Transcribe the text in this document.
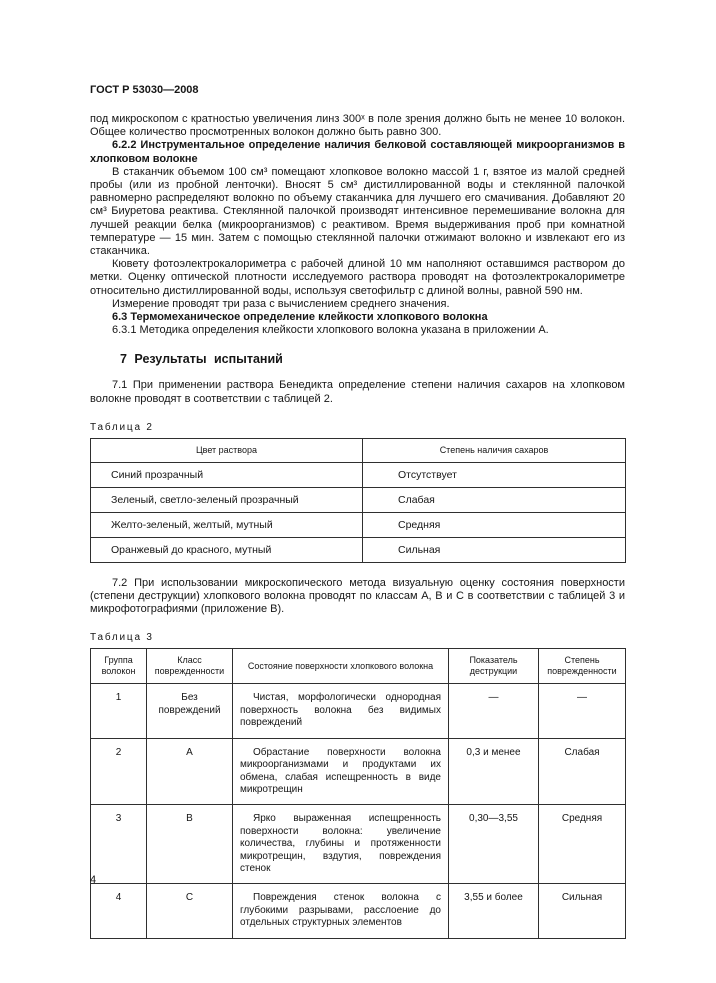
ГОСТ Р 53030—2008

под микроскопом с кратностью увеличения линз 300ˣ в поле зрения должно быть не менее 10 волокон. Общее количество просмотренных волокон должно быть равно 300.

6.2.2 Инструментальное определение наличия белковой составляющей микроорганизмов в хлопковом волокне

В стаканчик объемом 100 см³ помещают хлопковое волокно массой 1 г, взятое из малой средней пробы (или из пробной ленточки). Вносят 5 см³ дистиллированной воды и стеклянной палочкой равномерно распределяют волокно по объему стаканчика для лучшего его смачивания. Добавляют 20 см³ Биуретова реактива. Стеклянной палочкой производят интенсивное перемешивание волокна для лучшей реакции белка (микроорганизмов) с реактивом. Время выдерживания проб при комнатной температуре — 15 мин. Затем с помощью стеклянной палочки отжимают волокно и извлекают его из стаканчика.

Кювету фотоэлектрокалориметра с рабочей длиной 10 мм наполняют оставшимся раствором до метки. Оценку оптической плотности исследуемого раствора проводят на фотоэлектрокалориметре относительно дистиллированной воды, используя светофильтр с длиной волны, равной 590 нм.

Измерение проводят три раза с вычислением среднего значения.

6.3 Термомеханическое определение клейкости хлопкового волокна

6.3.1 Методика определения клейкости хлопкового волокна указана в приложении А.

7 Результаты испытаний

7.1 При применении раствора Бенедикта определение степени наличия сахаров на хлопковом волокне проводят в соответствии с таблицей 2.

Таблица 2
Цвет раствора	Степень наличия сахаров
Синий прозрачный	Отсутствует
Зеленый, светло-зеленый прозрачный	Слабая
Желто-зеленый, желтый, мутный	Средняя
Оранжевый до красного, мутный	Сильная

7.2 При использовании микроскопического метода визуальную оценку состояния поверхности (степени деструкции) хлопкового волокна проводят по классам А, В и С в соответствии с таблицей 3 и микрофотографиями (приложение В).

Таблица 3
Группа волокон	Класс поврежденности	Состояние поверхности хлопкового волокна	Показатель деструкции	Степень поврежденности
1	Без повреждений	Чистая, морфологически однородная поверхность волокна без видимых повреждений	—	—
2	А	Обрастание поверхности волокна микроорганизмами и продуктами их обмена, слабая испещренность в виде микротрещин	0,3 и менее	Слабая
3	В	Ярко выраженная испещренность поверхности волокна: увеличение количества, глубины и протяженности микротрещин, вздутия, повреждения стенок	0,30—3,55	Средняя
4	С	Повреждения стенок волокна с глубокими разрывами, расслоение до отдельных структурных элементов	3,55 и более	Сильная
4
